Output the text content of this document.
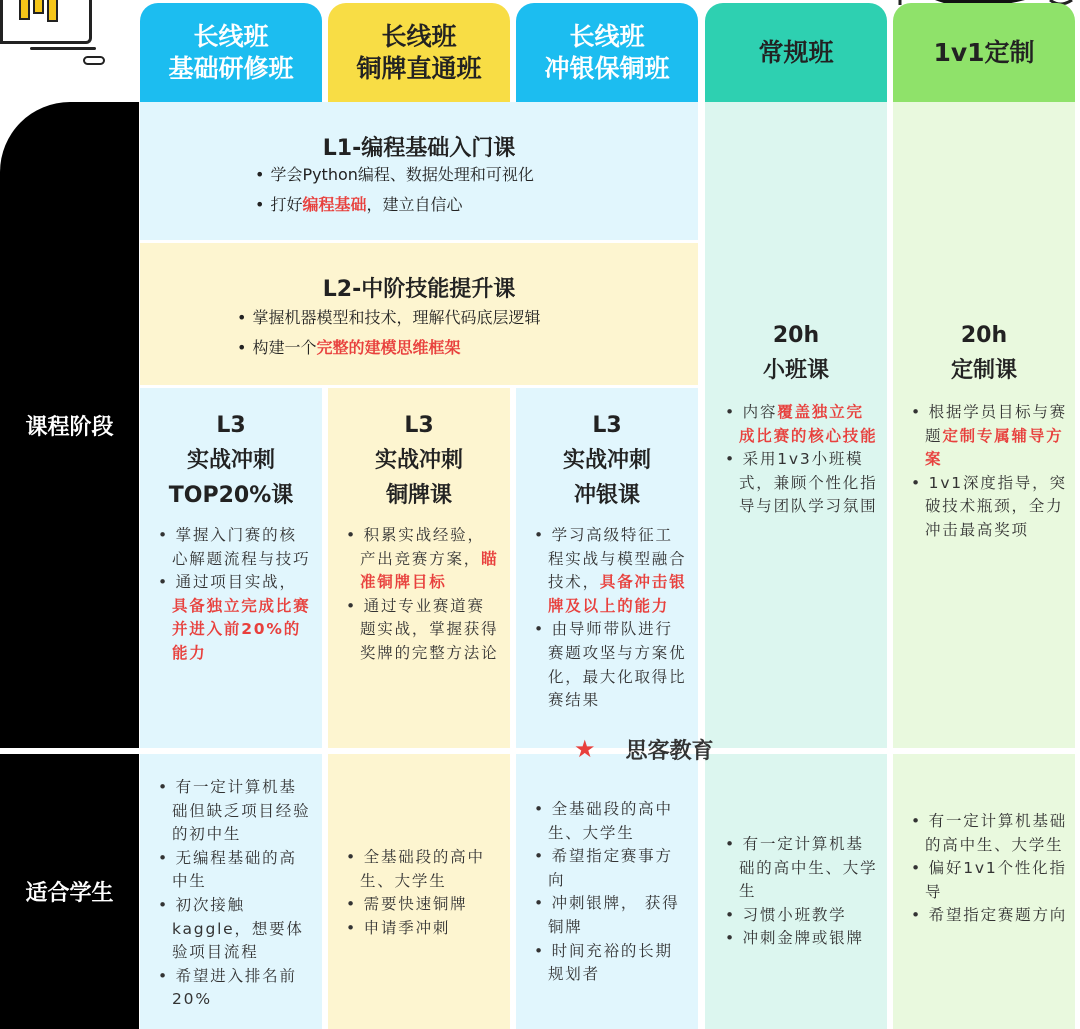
长线班
基础研修班
长线班
铜牌直通班
长线班
冲银保铜班
常规班	1v1定制
课程阶段
适合学生
L1-编程基础入门课
• 学会Python编程、数据处理和可视化
• 打好编程基础，建立自信心
L2-中阶技能提升课
• 掌握机器模型和技术，理解代码底层逻辑
• 构建一个完整的建模思维框架
L3
实战冲刺
TOP20%课
• 掌握入门赛的核心解题流程与技巧
• 通过项目实战，具备独立完成比赛并进入前20%的能力
L3
实战冲刺
铜牌课
• 积累实战经验，产出竞赛方案，瞄准铜牌目标
• 通过专业赛道赛题实战，掌握获得奖牌的完整方法论
L3
实战冲刺
冲银课
• 学习高级特征工程实战与模型融合技术，具备冲击银牌及以上的能力
• 由导师带队进行赛题攻坚与方案优化，最大化取得比赛结果
20h
小班课
• 内容覆盖独立完成比赛的核心技能
• 采用1v3小班模式，兼顾个性化指导与团队学习氛围
20h
定制课
• 根据学员目标与赛题定制专属辅导方案
• 1v1深度指导，突破技术瓶颈，全力冲击最高奖项
• 有一定计算机基础但缺乏项目经验的初中生
• 无编程基础的高中生
• 初次接触kaggle，想要体验项目流程
• 希望进入排名前20%
• 全基础段的高中生、大学生
• 需要快速铜牌
• 申请季冲刺
• 全基础段的高中生、大学生
• 希望指定赛事方向
• 冲刺银牌， 获得铜牌
• 时间充裕的长期规划者
• 有一定计算机基础的高中生、大学生
• 习惯小班教学
• 冲刺金牌或银牌
• 有一定计算机基础的高中生、大学生
• 偏好1v1个性化指导
• 希望指定赛题方向
★ 思客教育
